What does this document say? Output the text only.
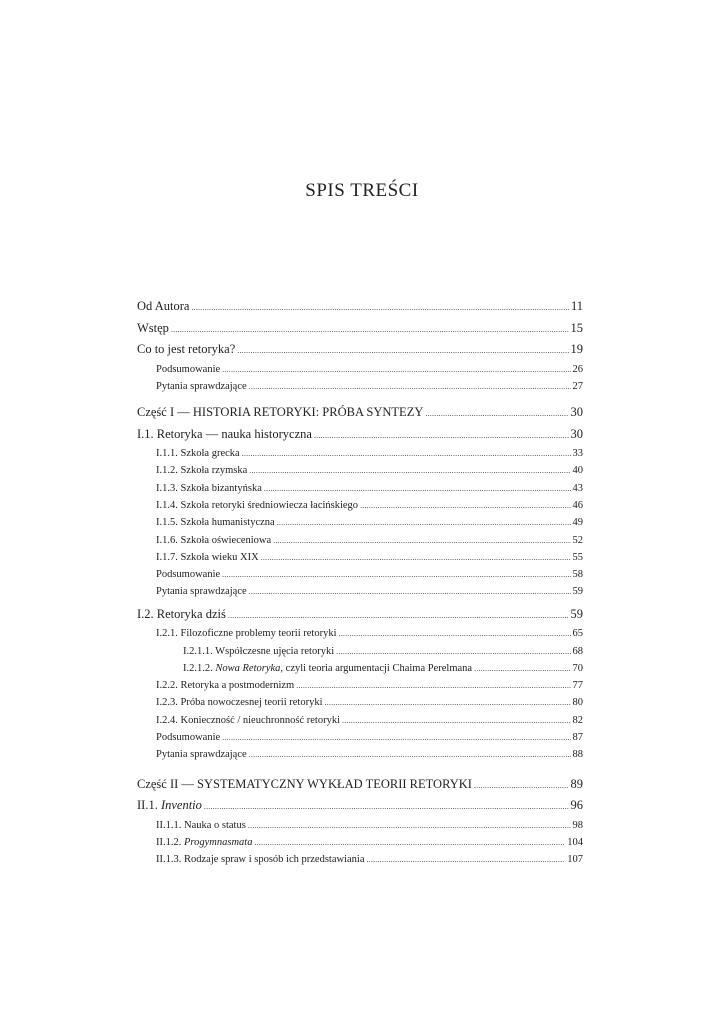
SPIS TREŚCI
Od Autora .....	11
Wstęp .....	15
Co to jest retoryka? .....	19
Podsumowanie .....	26
Pytania sprawdzające .....	27
Część I — HISTORIA RETORYKI: PRÓBA SYNTEZY .....	30
I.1. Retoryka — nauka historyczna .....	30
I.1.1. Szkoła grecka .....	33
I.1.2. Szkoła rzymska .....	40
I.1.3. Szkoła bizantyńska .....	43
I.1.4. Szkoła retoryki średniowiecza łacińskiego .....	46
I.1.5. Szkoła humanistyczna .....	49
I.1.6. Szkoła oświeceniowa .....	52
I.1.7. Szkoła wieku XIX .....	55
Podsumowanie .....	58
Pytania sprawdzające .....	59
I.2. Retoryka dziś .....	59
I.2.1. Filozoficzne problemy teorii retoryki .....	65
I.2.1.1. Współczesne ujęcia retoryki .....	68
I.2.1.2. Nowa Retoryka, czyli teoria argumentacji Chaima Perelmana .....	70
I.2.2. Retoryka a postmodernizm .....	77
I.2.3. Próba nowoczesnej teorii retoryki .....	80
I.2.4. Konieczność / nieuchronność retoryki .....	82
Podsumowanie .....	87
Pytania sprawdzające .....	88
Część II — SYSTEMATYCZNY WYKŁAD TEORII RETORYKI .....	89
II.1. Inventio .....	96
II.1.1. Nauka o status .....	98
II.1.2. Progymnasmata .....	104
II.1.3. Rodzaje spraw i sposób ich przedstawiania .....	107
